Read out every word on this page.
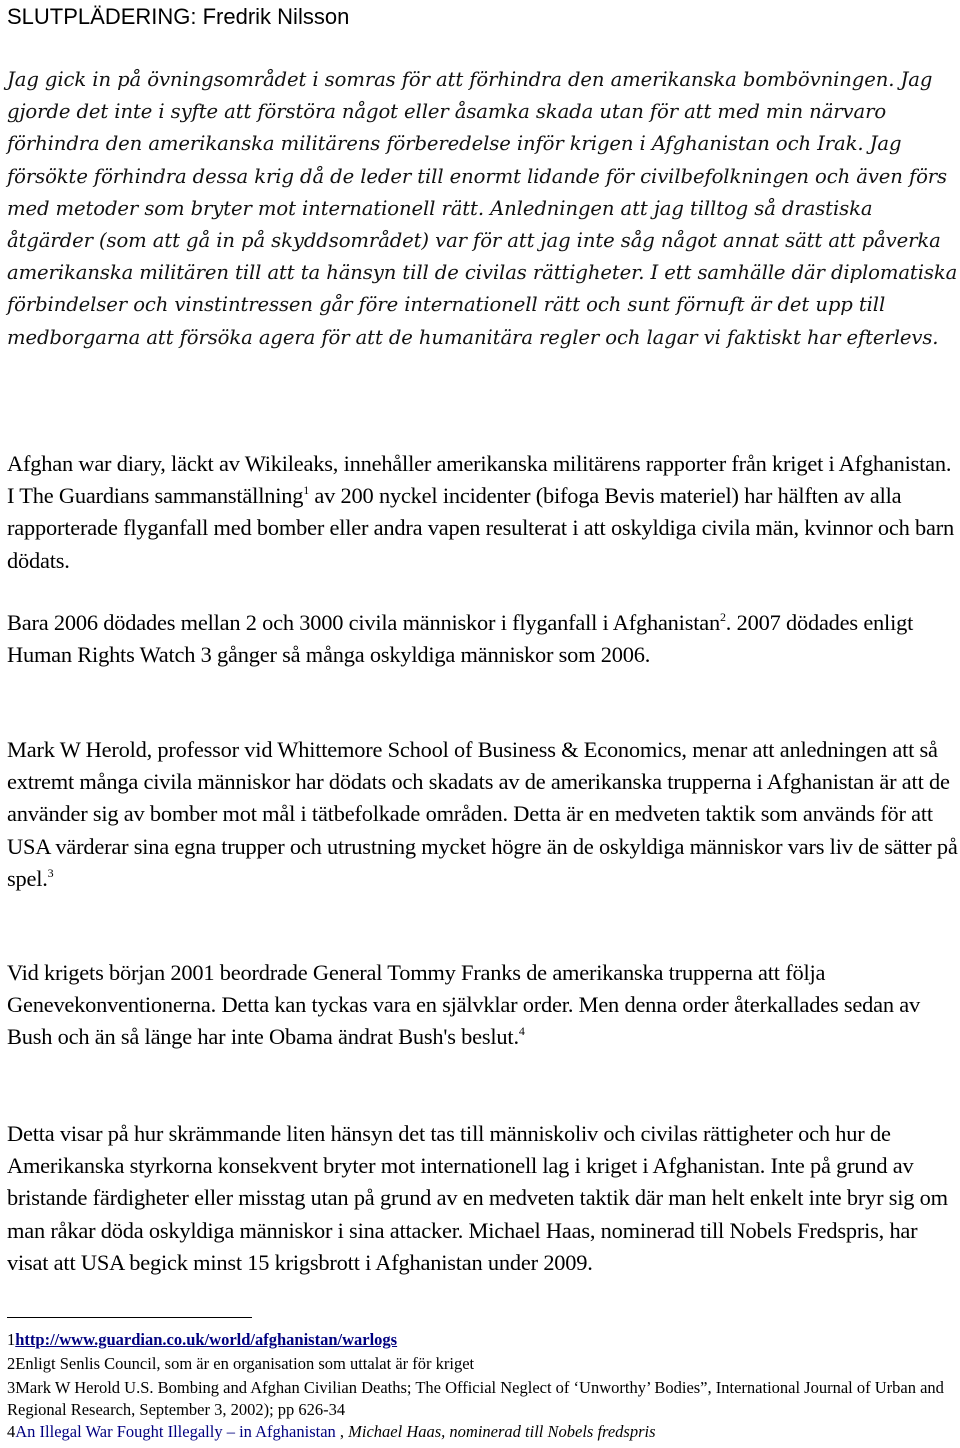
SLUTPLÄDERING: Fredrik Nilsson
Jag gick in på övningsområdet i somras för att förhindra den amerikanska bombövningen. Jag gjorde det inte i syfte att förstöra något eller åsamka skada utan för att med min närvaro förhindra den amerikanska militärens förberedelse inför krigen i Afghanistan och Irak. Jag försökte förhindra dessa krig då de leder till enormt lidande för civilbefolkningen och även förs med metoder som bryter mot internationell rätt. Anledningen att jag tilltog så drastiska åtgärder (som att gå in på skyddsområdet) var för att jag inte såg något annat sätt att påverka amerikanska militären till att ta hänsyn till de civilas rättigheter. I ett samhälle där diplomatiska förbindelser och vinstintressen går före internationell rätt och sunt förnuft är det upp till medborgarna att försöka agera för att de humanitära regler och lagar vi faktiskt har efterlevs.
Afghan war diary, läckt av Wikileaks, innehåller amerikanska militärens rapporter från kriget i Afghanistan. I The Guardians sammanställning$^1$ av 200 nyckel incidenter (bifoga Bevis materiel) har hälften av alla rapporterade flyganfall med bomber eller andra vapen resulterat i att oskyldiga civila män, kvinnor och barn dödats.
Bara 2006 dödades mellan 2 och 3000 civila människor i flyganfall i Afghanistan$^2$. 2007 dödades enligt Human Rights Watch 3 gånger så många oskyldiga människor som 2006.
Mark W Herold, professor vid Whittemore School of Business & Economics, menar att anledningen att så extremt många civila människor har dödats och skadats av de amerikanska trupperna i Afghanistan är att de använder sig av bomber mot mål i tätbefolkade områden. Detta är en medveten taktik som används för att USA värderar sina egna trupper och utrustning mycket högre än de oskyldiga människor vars liv de sätter på spel.$^3$
Vid krigets början 2001 beordrade General Tommy Franks de amerikanska trupperna att följa Genevekonventionerna. Detta kan tyckas vara en självklar order. Men denna order återkallades sedan av Bush och än så länge har inte Obama ändrat Bush's beslut.$^4$
Detta visar på hur skrämmande liten hänsyn det tas till människoliv och civilas rättigheter och hur de Amerikanska styrkorna konsekvent bryter mot internationell lag i kriget i Afghanistan. Inte på grund av bristande färdigheter eller misstag utan på grund av en medveten taktik där man helt enkelt inte bryr sig om man råkar döda oskyldiga människor i sina attacker. Michael Haas, nominerad till Nobels Fredspris, har visat att USA begick minst 15 krigsbrott i Afghanistan under 2009.
1http://www.guardian.co.uk/world/afghanistan/warlogs
2Enligt Senlis Council, som är en organisation som uttalat är för kriget
3Mark W Herold U.S. Bombing and Afghan Civilian Deaths; The Official Neglect of ‘Unworthy’ Bodies”, International Journal of Urban and Regional Research, September 3, 2002); pp 626-34
4An Illegal War Fought Illegally – in Afghanistan , Michael Haas, nominerad till Nobels fredspris
